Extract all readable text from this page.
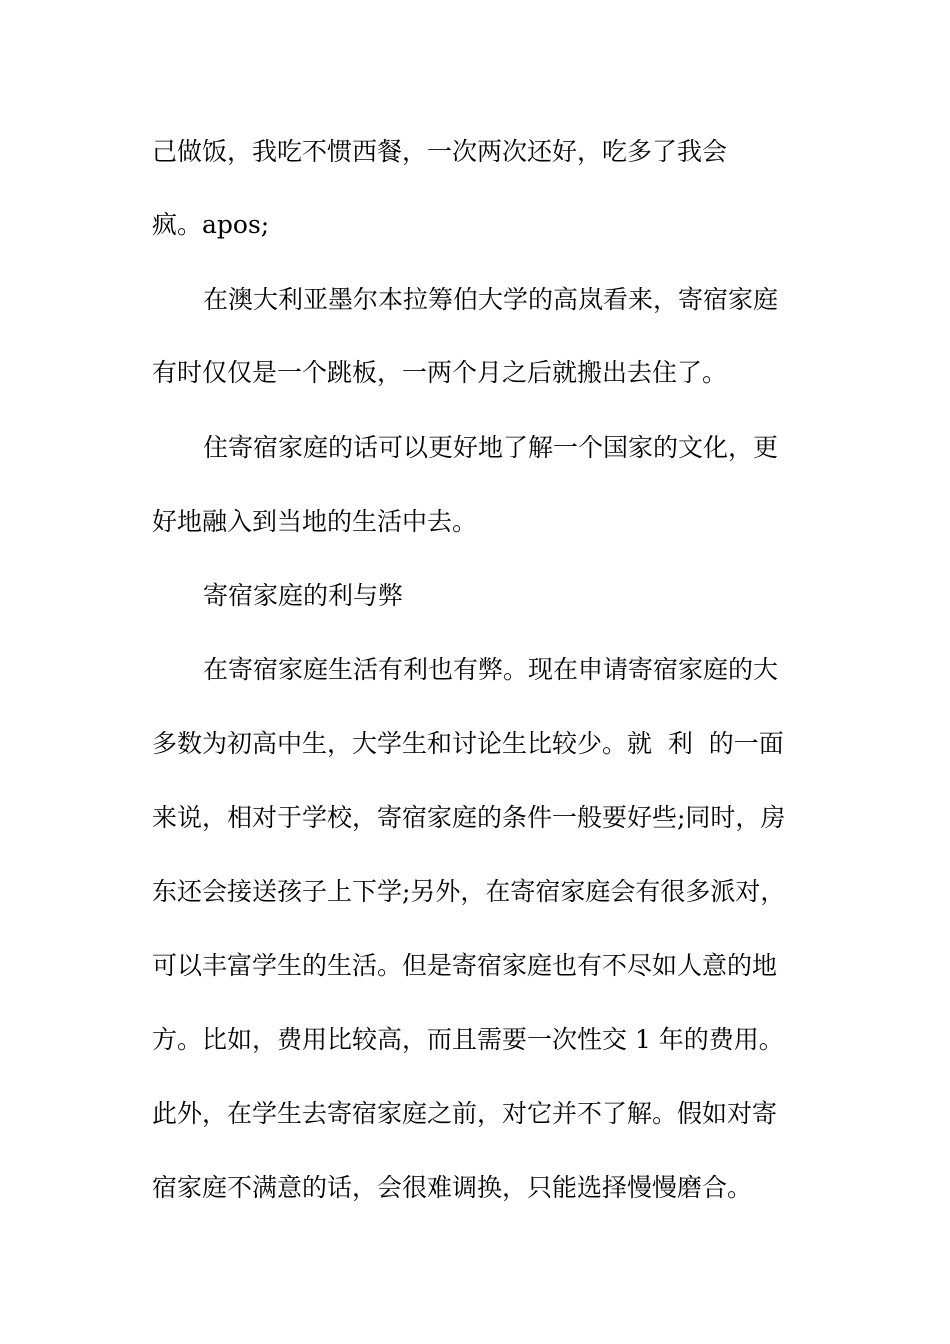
己做饭，我吃不惯西餐，一次两次还好，吃多了我会
疯。apos;
在澳大利亚墨尔本拉筹伯大学的高岚看来，寄宿家庭
有时仅仅是一个跳板，一两个月之后就搬出去住了。
住寄宿家庭的话可以更好地了解一个国家的文化，更
好地融入到当地的生活中去。
寄宿家庭的利与弊
在寄宿家庭生活有利也有弊。现在申请寄宿家庭的大
多数为初高中生，大学生和讨论生比较少。就  利  的一面
来说，相对于学校，寄宿家庭的条件一般要好些;同时，房
东还会接送孩子上下学;另外，在寄宿家庭会有很多派对，
可以丰富学生的生活。但是寄宿家庭也有不尽如人意的地
方。比如，费用比较高，而且需要一次性交 1 年的费用。
此外，在学生去寄宿家庭之前，对它并不了解。假如对寄
宿家庭不满意的话，会很难调换，只能选择慢慢磨合。
